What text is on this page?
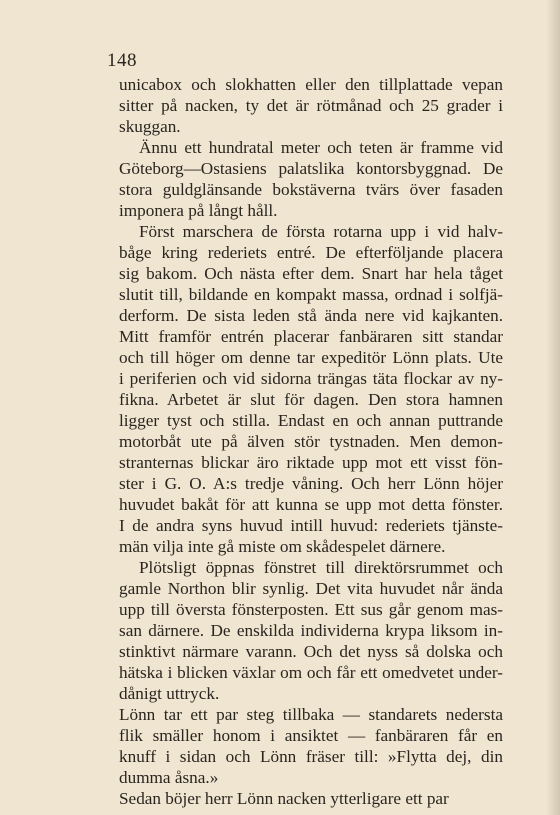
148
unicabox och slokhatten eller den tillplattade vepan
sitter på nacken, ty det är rötmånad och 25 grader i
skuggan.
Ännu ett hundratal meter och teten är framme vid
Göteborg—Ostasiens palatslika kontorsbyggnad. De
stora guldglänsande bokstäverna tvärs över fasaden
imponera på långt håll.
Först marschera de första rotarna upp i vid halv-
båge kring rederiets entré. De efterföljande placera
sig bakom. Och nästa efter dem. Snart har hela tåget
slutit till, bildande en kompakt massa, ordnad i solfjä-
derform. De sista leden stå ända nere vid kajkanten.
Mitt framför entrén placerar fanbäraren sitt standar
och till höger om denne tar expeditör Lönn plats. Ute
i periferien och vid sidorna trängas täta flockar av ny-
fikna. Arbetet är slut för dagen. Den stora hamnen
ligger tyst och stilla. Endast en och annan puttrande
motorbåt ute på älven stör tystnaden. Men demon-
stranternas blickar äro riktade upp mot ett visst fön-
ster i G. O. A:s tredje våning. Och herr Lönn höjer
huvudet bakåt för att kunna se upp mot detta fönster.
I de andra syns huvud intill huvud: rederiets tjänste-
män vilja inte gå miste om skådespelet därnere.
Plötsligt öppnas fönstret till direktörsrummet och
gamle Northon blir synlig. Det vita huvudet når ända
upp till översta fönsterposten. Ett sus går genom mas-
san därnere. De enskilda individerna krypa liksom in-
stinktivt närmare varann. Och det nyss så dolska och
hätska i blicken växlar om och får ett omedvetet under-
dånigt uttryck.
Lönn tar ett par steg tillbaka — standarets nedersta
flik smäller honom i ansiktet — fanbäraren får en
knuff i sidan och Lönn fräser till: »Flytta dej, din
dumma åsna.»
Sedan böjer herr Lönn nacken ytterligare ett par
